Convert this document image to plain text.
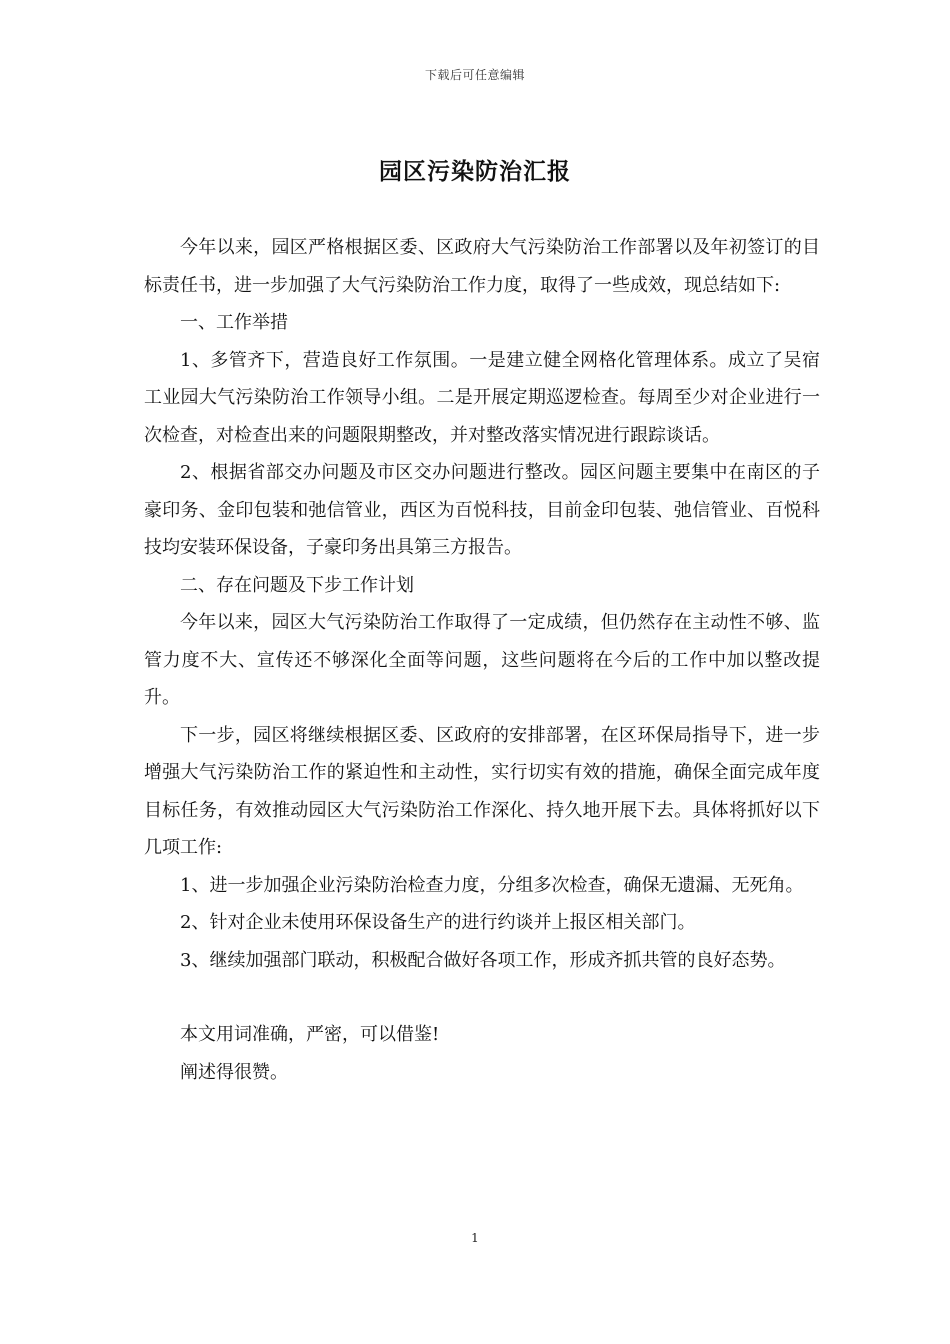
下载后可任意编辑
园区污染防治汇报

今年以来，园区严格根据区委、区政府大气污染防治工作部署以及年初签订的目标责任书，进一步加强了大气污染防治工作力度，取得了一些成效，现总结如下:

一、工作举措

1、多管齐下，营造良好工作氛围。一是建立健全网格化管理体系。成立了吴宿工业园大气污染防治工作领导小组。二是开展定期巡逻检查。每周至少对企业进行一次检查，对检查出来的问题限期整改，并对整改落实情况进行跟踪谈话。

2、根据省部交办问题及市区交办问题进行整改。园区问题主要集中在南区的子豪印务、金印包装和弛信管业，西区为百悦科技，目前金印包装、弛信管业、百悦科技均安装环保设备，子豪印务出具第三方报告。

二、存在问题及下步工作计划

今年以来，园区大气污染防治工作取得了一定成绩，但仍然存在主动性不够、监管力度不大、宣传还不够深化全面等问题，这些问题将在今后的工作中加以整改提升。

下一步，园区将继续根据区委、区政府的安排部署，在区环保局指导下，进一步增强大气污染防治工作的紧迫性和主动性，实行切实有效的措施，确保全面完成年度目标任务，有效推动园区大气污染防治工作深化、持久地开展下去。具体将抓好以下几项工作:

1、进一步加强企业污染防治检查力度，分组多次检查，确保无遗漏、无死角。

2、针对企业未使用环保设备生产的进行约谈并上报区相关部门。

3、继续加强部门联动，积极配合做好各项工作，形成齐抓共管的良好态势。

本文用词准确，严密，可以借鉴!

阐述得很赞。

1
